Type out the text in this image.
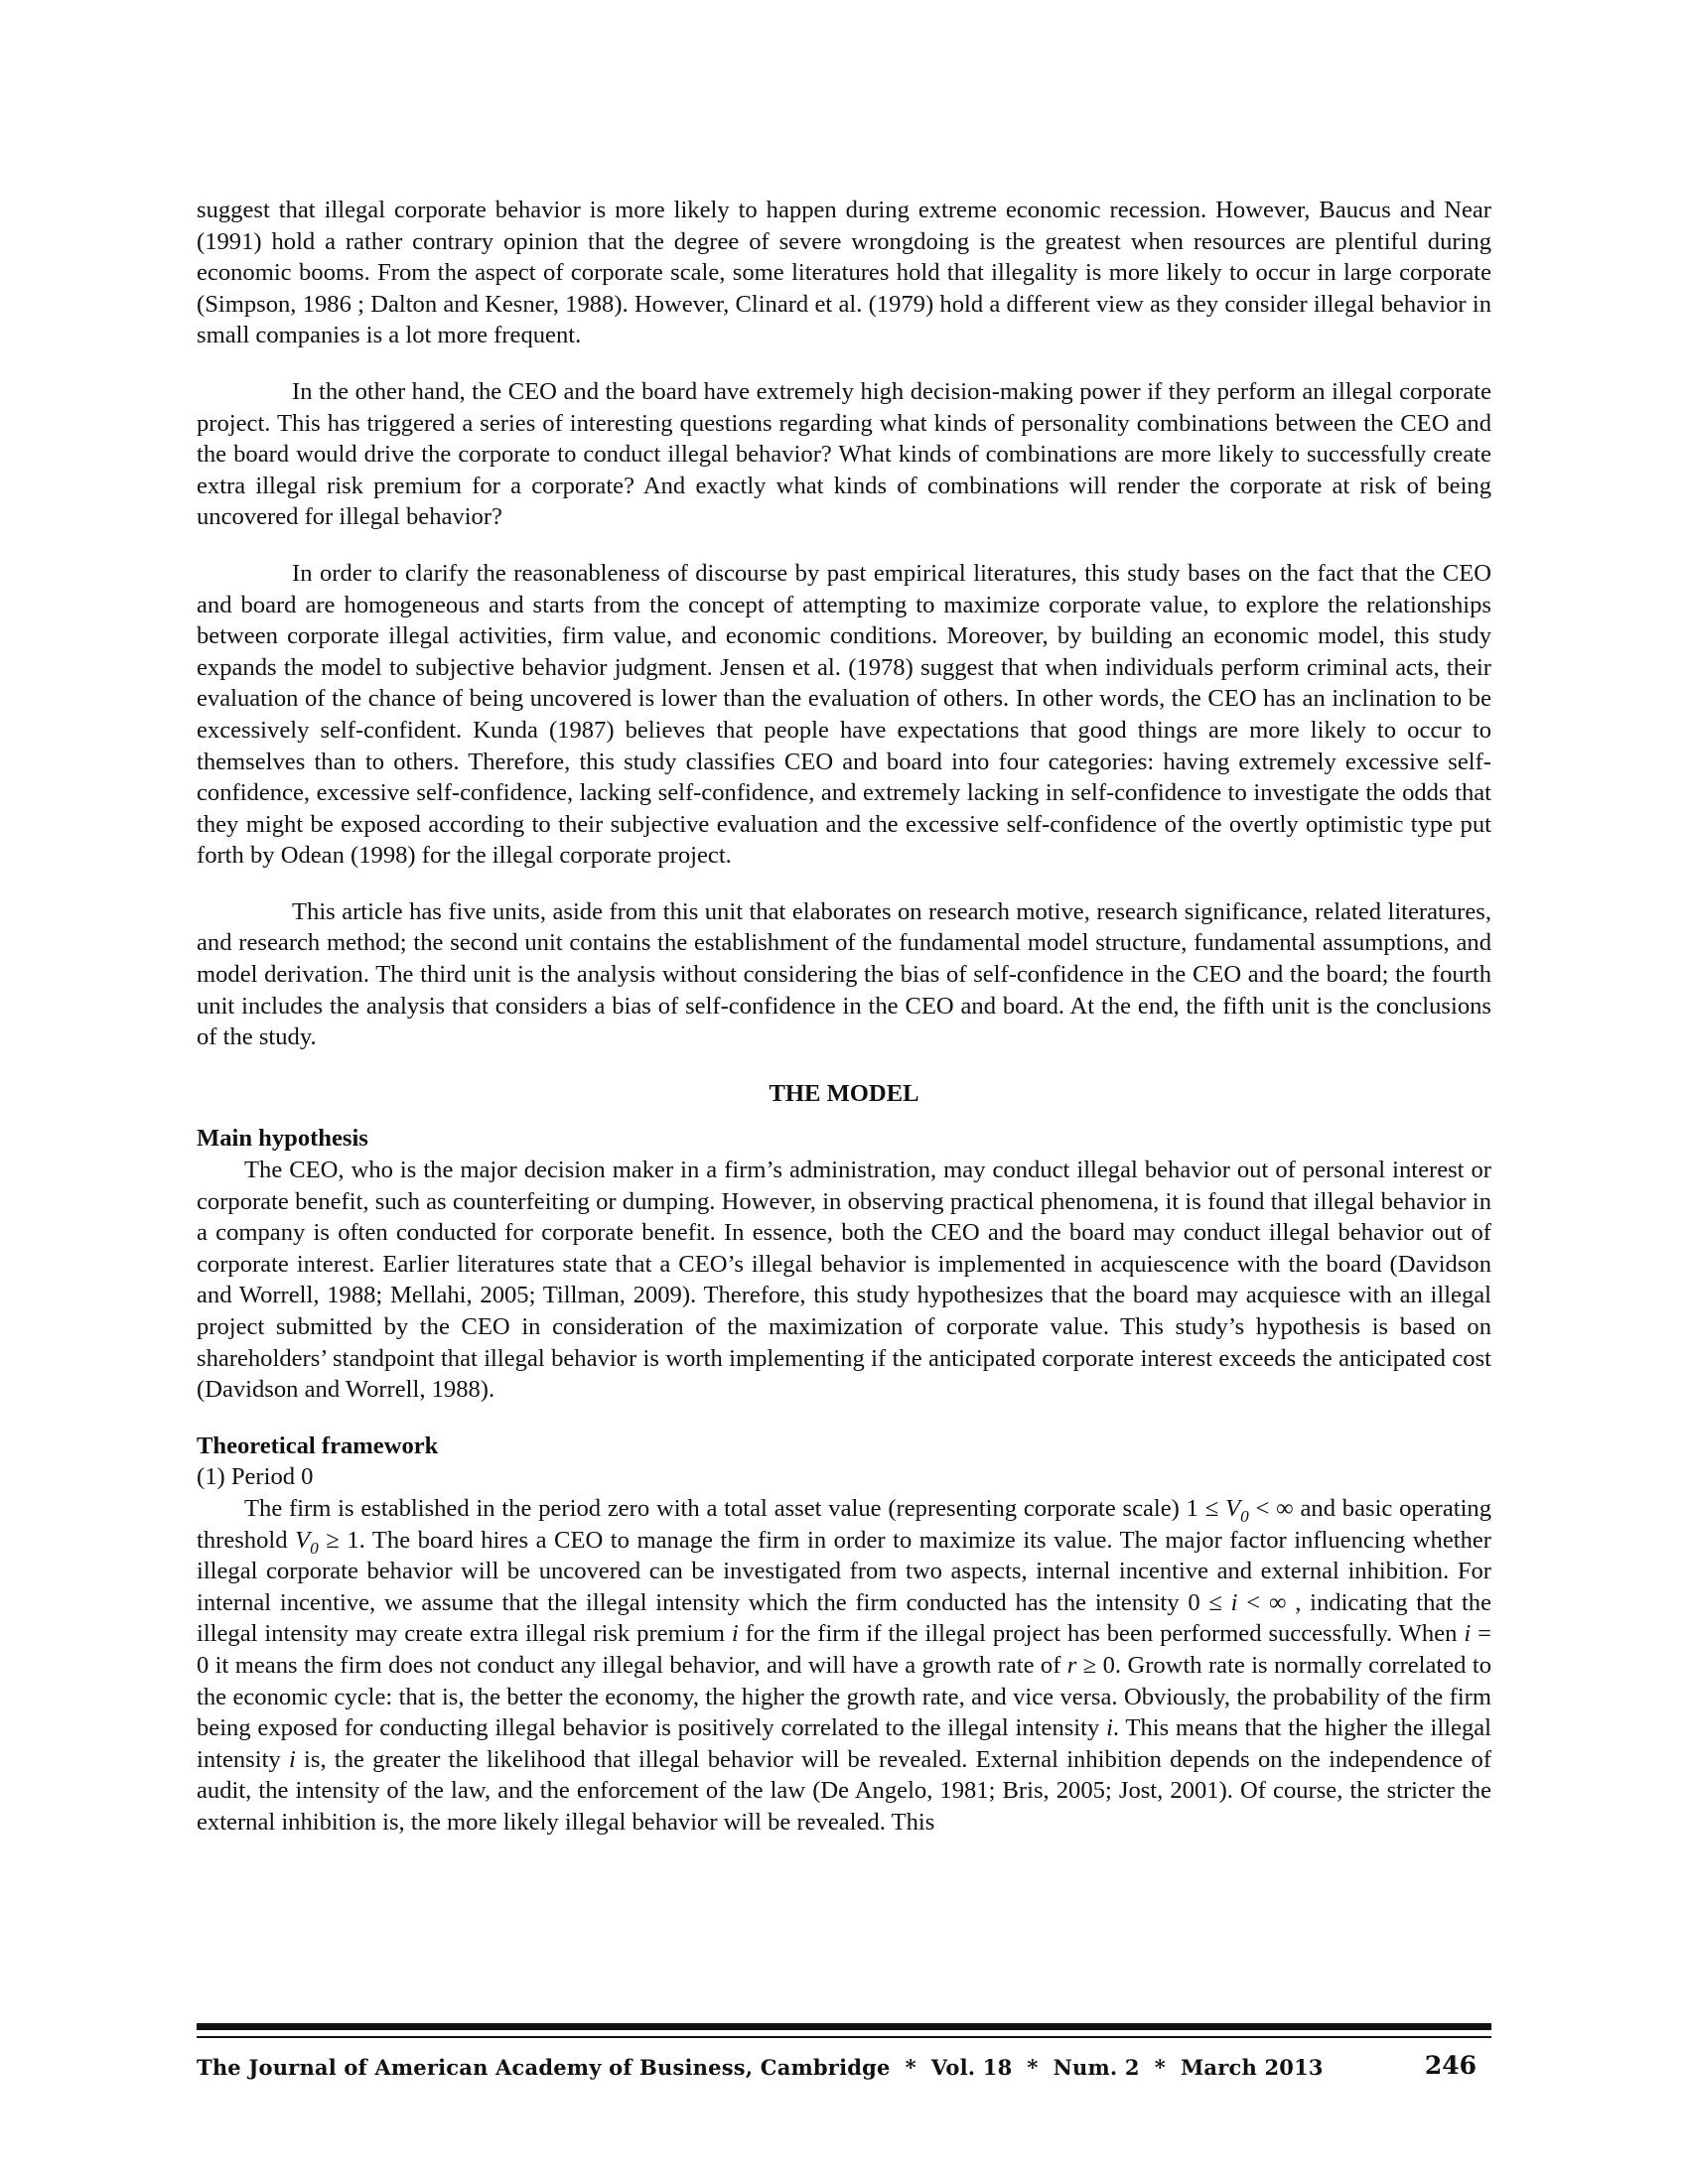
suggest that illegal corporate behavior is more likely to happen during extreme economic recession. However, Baucus and Near (1991) hold a rather contrary opinion that the degree of severe wrongdoing is the greatest when resources are plentiful during economic booms. From the aspect of corporate scale, some literatures hold that illegality is more likely to occur in large corporate (Simpson, 1986 ; Dalton and Kesner, 1988). However, Clinard et al. (1979) hold a different view as they consider illegal behavior in small companies is a lot more frequent.

In the other hand, the CEO and the board have extremely high decision-making power if they perform an illegal corporate project. This has triggered a series of interesting questions regarding what kinds of personality combinations between the CEO and the board would drive the corporate to conduct illegal behavior? What kinds of combinations are more likely to successfully create extra illegal risk premium for a corporate? And exactly what kinds of combinations will render the corporate at risk of being uncovered for illegal behavior?

In order to clarify the reasonableness of discourse by past empirical literatures, this study bases on the fact that the CEO and board are homogeneous and starts from the concept of attempting to maximize corporate value, to explore the relationships between corporate illegal activities, firm value, and economic conditions. Moreover, by building an economic model, this study expands the model to subjective behavior judgment. Jensen et al. (1978) suggest that when individuals perform criminal acts, their evaluation of the chance of being uncovered is lower than the evaluation of others. In other words, the CEO has an inclination to be excessively self-confident. Kunda (1987) believes that people have expectations that good things are more likely to occur to themselves than to others. Therefore, this study classifies CEO and board into four categories: having extremely excessive self-confidence, excessive self-confidence, lacking self-confidence, and extremely lacking in self-confidence to investigate the odds that they might be exposed according to their subjective evaluation and the excessive self-confidence of the overtly optimistic type put forth by Odean (1998) for the illegal corporate project.

This article has five units, aside from this unit that elaborates on research motive, research significance, related literatures, and research method; the second unit contains the establishment of the fundamental model structure, fundamental assumptions, and model derivation. The third unit is the analysis without considering the bias of self-confidence in the CEO and the board; the fourth unit includes the analysis that considers a bias of self-confidence in the CEO and board. At the end, the fifth unit is the conclusions of the study.

THE MODEL

Main hypothesis

The CEO, who is the major decision maker in a firm’s administration, may conduct illegal behavior out of personal interest or corporate benefit, such as counterfeiting or dumping. However, in observing practical phenomena, it is found that illegal behavior in a company is often conducted for corporate benefit. In essence, both the CEO and the board may conduct illegal behavior out of corporate interest. Earlier literatures state that a CEO’s illegal behavior is implemented in acquiescence with the board (Davidson and Worrell, 1988; Mellahi, 2005; Tillman, 2009). Therefore, this study hypothesizes that the board may acquiesce with an illegal project submitted by the CEO in consideration of the maximization of corporate value. This study’s hypothesis is based on shareholders’ standpoint that illegal behavior is worth implementing if the anticipated corporate interest exceeds the anticipated cost (Davidson and Worrell, 1988).

Theoretical framework

(1) Period 0

The firm is established in the period zero with a total asset value (representing corporate scale) $1 \le V_0$ < ∞ and basic operating threshold $V_0 \ge 1$. The board hires a CEO to manage the firm in order to maximize its value. The major factor influencing whether illegal corporate behavior will be uncovered can be investigated from two aspects, internal incentive and external inhibition. For internal incentive, we assume that the illegal intensity which the firm conducted has the intensity 0 ≤ i < ∞ , indicating that the illegal intensity may create extra illegal risk premium i for the firm if the illegal project has been performed successfully. When i = 0 it means the firm does not conduct any illegal behavior, and will have a growth rate of r ≥ 0. Growth rate is normally correlated to the economic cycle: that is, the better the economy, the higher the growth rate, and vice versa. Obviously, the probability of the firm being exposed for conducting illegal behavior is positively correlated to the illegal intensity i. This means that the higher the illegal intensity i is, the greater the likelihood that illegal behavior will be revealed. External inhibition depends on the independence of audit, the intensity of the law, and the enforcement of the law (De Angelo, 1981; Bris, 2005; Jost, 2001). Of course, the stricter the external inhibition is, the more likely illegal behavior will be revealed. This

The Journal of American Academy of Business, Cambridge  *  Vol. 18  *  Num. 2  *  March 2013	246
